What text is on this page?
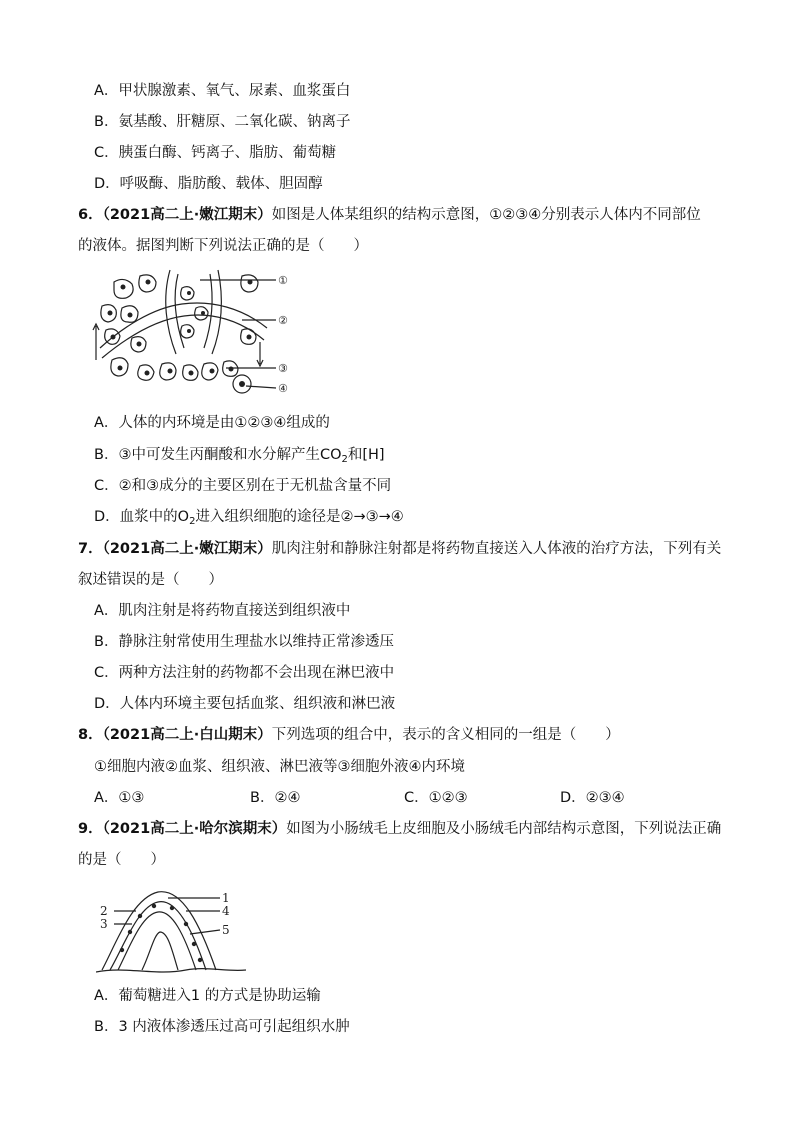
A．甲状腺激素、氧气、尿素、血浆蛋白
B．氨基酸、肝糖原、二氧化碳、钠离子
C．胰蛋白酶、钙离子、脂肪、葡萄糖
D．呼吸酶、脂肪酸、载体、胆固醇
6．（2021高二上·嫩江期末）如图是人体某组织的结构示意图，①②③④分别表示人体内不同部位
的液体。据图判断下列说法正确的是（　　）
①
②
③
④
A．人体的内环境是由①②③④组成的
B．③中可发生丙酮酸和水分解产生$CO_2$和[H]
C．②和③成分的主要区别在于无机盐含量不同
D．血浆中的$O_2$进入组织细胞的途径是②→③→④
7．（2021高二上·嫩江期末）肌肉注射和静脉注射都是将药物直接送入人体液的治疗方法，下列有关
叙述错误的是（　　）
A．肌肉注射是将药物直接送到组织液中
B．静脉注射常使用生理盐水以维持正常渗透压
C．两种方法注射的药物都不会出现在淋巴液中
D．人体内环境主要包括血浆、组织液和淋巴液
8．（2021高二上·白山期末）下列选项的组合中，表示的含义相同的一组是（　　）
①细胞内液②血浆、组织液、淋巴液等③细胞外液④内环境
A．①③	B．②④	C．①②③	D．②③④
9．（2021高二上·哈尔滨期末）如图为小肠绒毛上皮细胞及小肠绒毛内部结构示意图，下列说法正确
的是（　　）
1
2
3
4
5
A．葡萄糖进入1 的方式是协助运输
B．3 内液体渗透压过高可引起组织水肿
